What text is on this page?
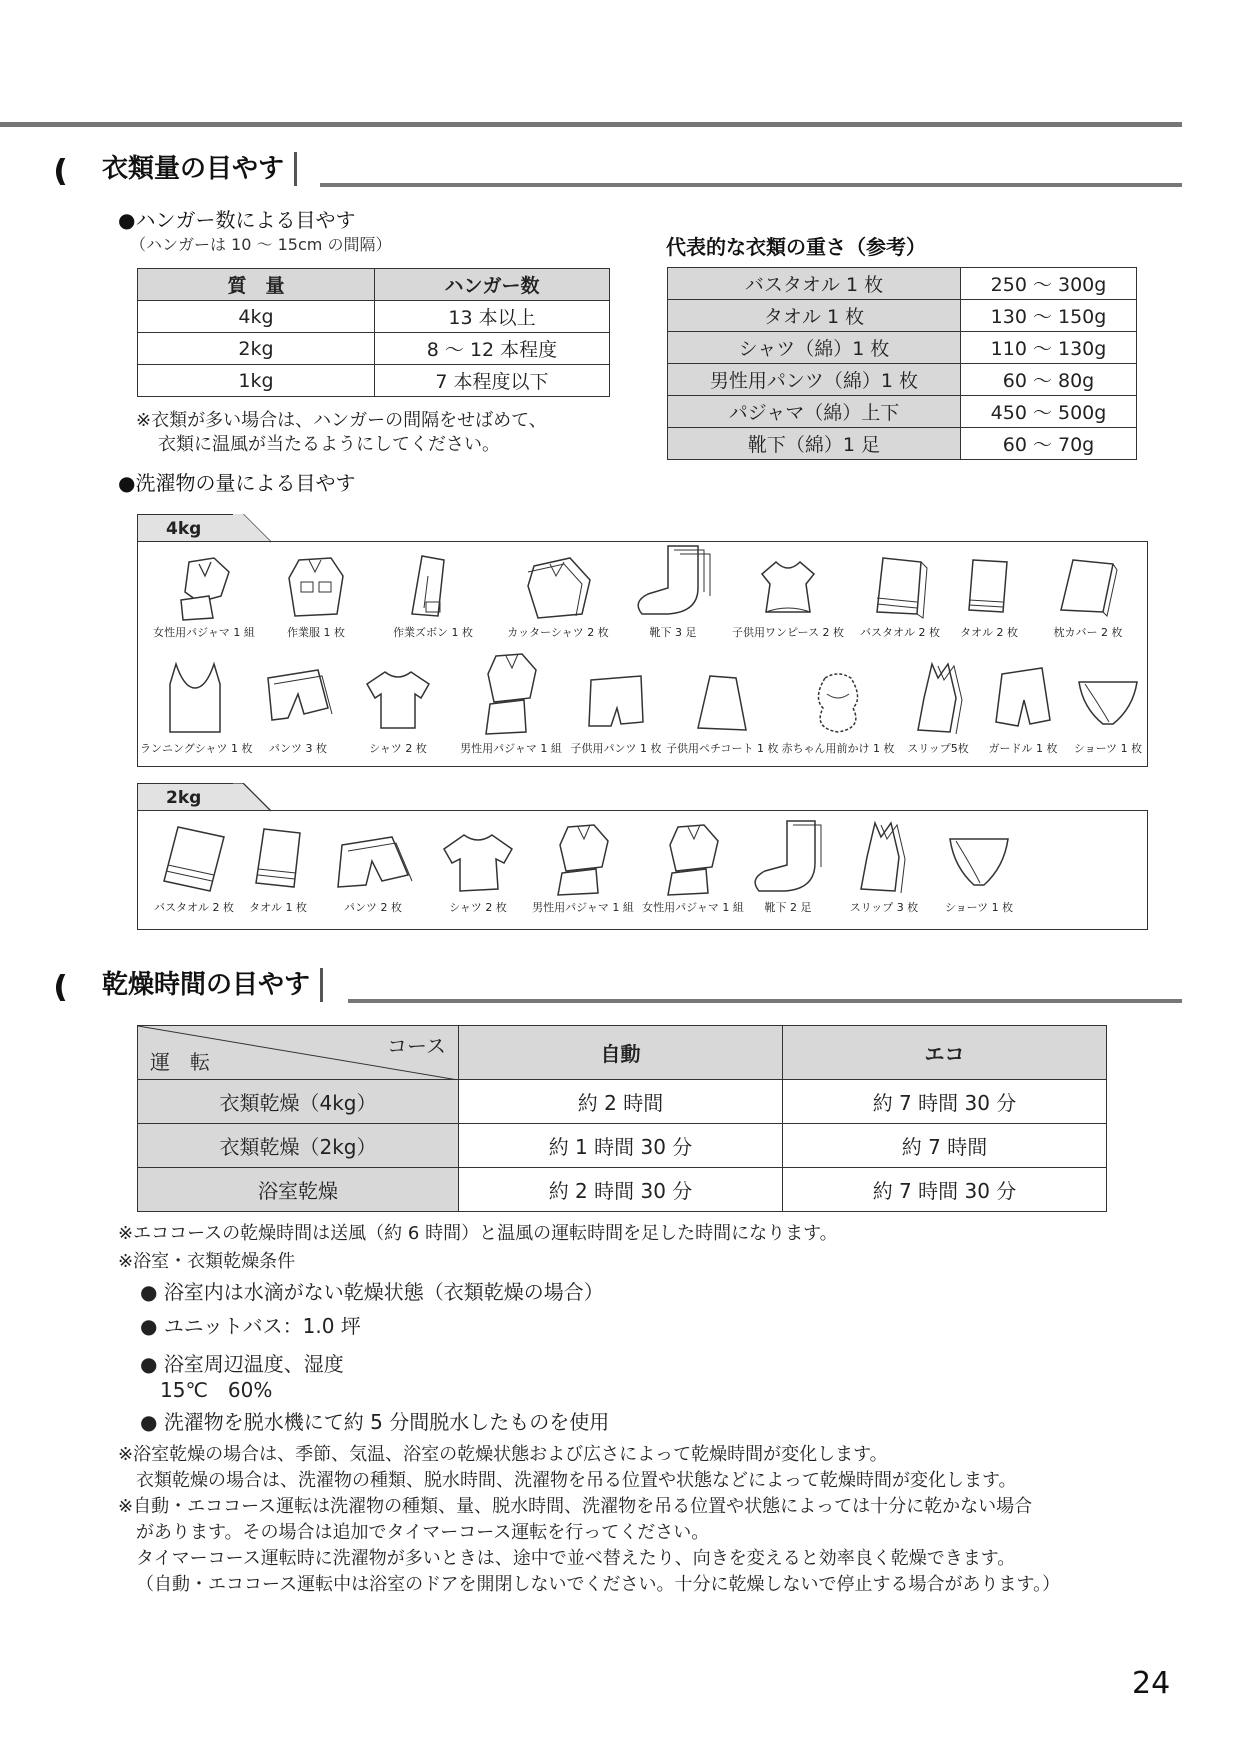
衣類量の目やす
●ハンガー数による目やす
（ハンガーは 10 ～ 15cm の間隔）
質　量	ハンガー数
4kg	13 本以上
2kg	8 ～ 12 本程度
1kg	7 本程度以下
※衣類が多い場合は、ハンガーの間隔をせばめて、
衣類に温風が当たるようにしてください。
代表的な衣類の重さ（参考）
バスタオル 1 枚	250 ～ 300g
タオル 1 枚	130 ～ 150g
シャツ（綿）1 枚	110 ～ 130g
男性用パンツ（綿）1 枚	60 ～ 80g
パジャマ（綿）上下	450 ～ 500g
靴下（綿）1 足	60 ～ 70g
●洗濯物の量による目やす
4kg
女性用パジャマ 1 組	作業服 1 枚	作業ズボン 1 枚	カッターシャツ 2 枚	靴下 3 足	子供用ワンピース 2 枚	バスタオル 2 枚	タオル 2 枚	枕カバー 2 枚
ランニングシャツ 1 枚	パンツ 3 枚	シャツ 2 枚	男性用パジャマ 1 組 子供用パンツ 1 枚 子供用ペチコート 1 枚 赤ちゃん用前かけ 1 枚	スリップ5枚	ガードル 1 枚	ショーツ 1 枚
2kg
バスタオル 2 枚	タオル 1 枚	パンツ 2 枚	シャツ 2 枚	男性用パジャマ 1 組 女性用パジャマ 1 組	靴下 2 足	スリップ 3 枚	ショーツ 1 枚
乾燥時間の目やす
コース
運　転	自動	エコ
衣類乾燥（4kg）	約 2 時間	約 7 時間 30 分
衣類乾燥（2kg）	約 1 時間 30 分	約 7 時間
浴室乾燥	約 2 時間 30 分	約 7 時間 30 分
※エココースの乾燥時間は送風（約 6 時間）と温風の運転時間を足した時間になります。
※浴室・衣類乾燥条件
● 浴室内は水滴がない乾燥状態（衣類乾燥の場合）
● ユニットバス：1.0 坪
● 浴室周辺温度、湿度
15℃　60%
● 洗濯物を脱水機にて約 5 分間脱水したものを使用
※浴室乾燥の場合は、季節、気温、浴室の乾燥状態および広さによって乾燥時間が変化します。
衣類乾燥の場合は、洗濯物の種類、脱水時間、洗濯物を吊る位置や状態などによって乾燥時間が変化します。
※自動・エココース運転は洗濯物の種類、量、脱水時間、洗濯物を吊る位置や状態によっては十分に乾かない場合
があります。その場合は追加でタイマーコース運転を行ってください。
タイマーコース運転時に洗濯物が多いときは、途中で並べ替えたり、向きを変えると効率良く乾燥できます。
（自動・エココース運転中は浴室のドアを開閉しないでください。十分に乾燥しないで停止する場合があります。）
24
